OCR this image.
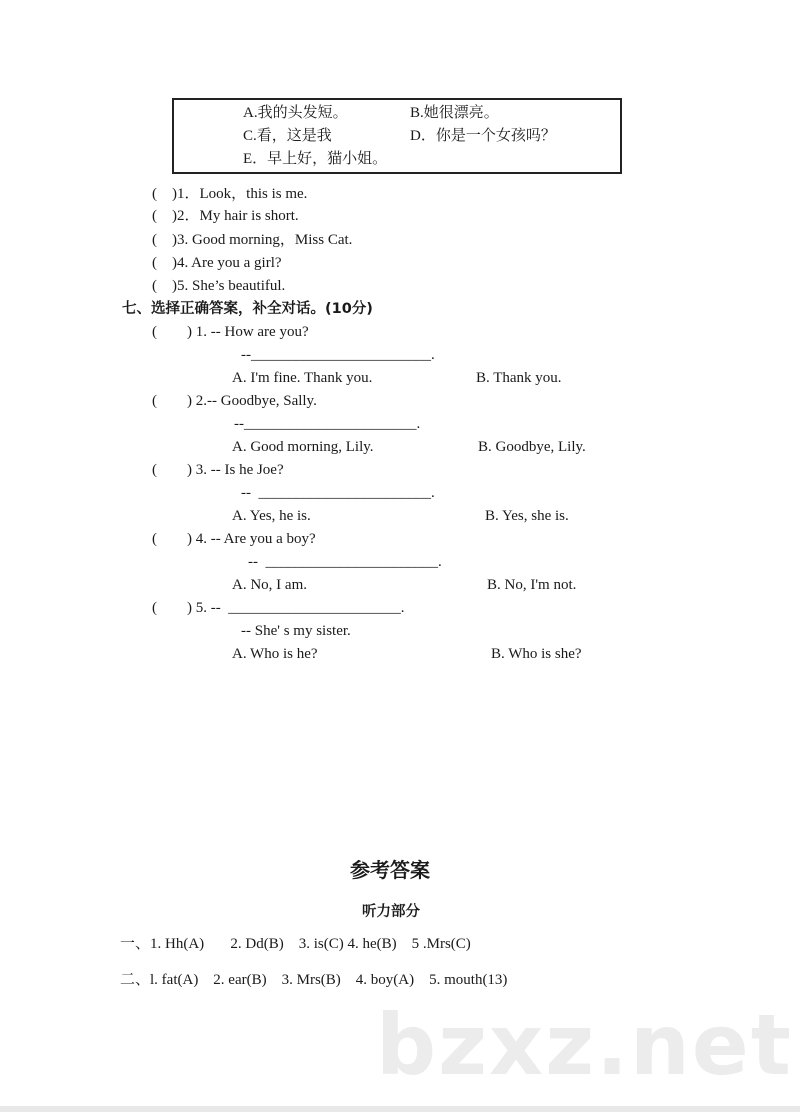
bzxz.net
A.我的头发短。	B.她很漂亮。
C.看，这是我	D．你是一个女孩吗？
E．早上好，猫小姐。
(    )1．Look，this is me.
(    )2．My hair is short.
(    )3. Good morning，Miss Cat.
(    )4. Are you a girl?
(    )5. She’s beautiful.
七、选择正确答案，补全对话。(10分)
(        ) 1. -- How are you?
--________________________.
A. I'm fine. Thank you.	B. Thank you.
(        ) 2.-- Goodbye, Sally.
--_______________________.
A. Good morning, Lily.	B. Goodbye, Lily.
(        ) 3. -- Is he Joe?
--  _______________________.
A. Yes, he is.	B. Yes, she is.
(        ) 4. -- Are you a boy?
--  _______________________.
A. No, I am.	B. No, I'm not.
(        ) 5. --  _______________________.
-- She' s my sister.
A. Who is he?	B. Who is she?
参考答案
听力部分
一、1. Hh(A)       2. Dd(B)    3. is(C) 4. he(B)    5 .Mrs(C)
二、l. fat(A)    2. ear(B)    3. Mrs(B)    4. boy(A)    5. mouth(13)
